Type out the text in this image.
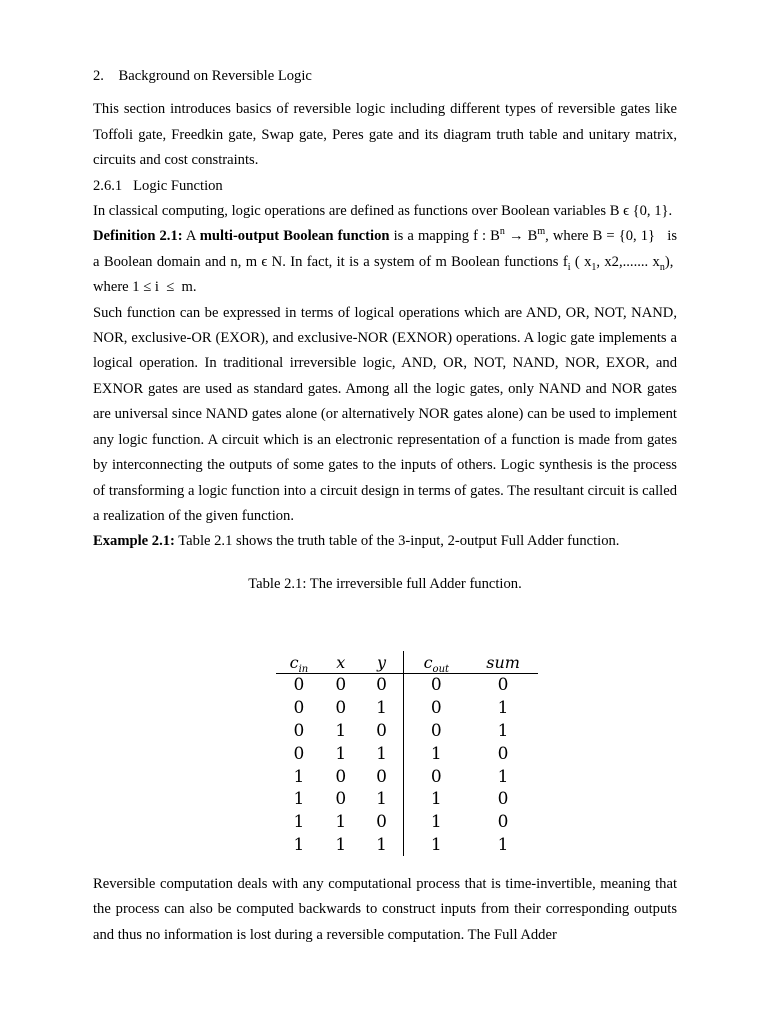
2.    Background on Reversible Logic

This section introduces basics of reversible logic including different types of reversible gates like Toffoli gate, Freedkin gate, Swap gate, Peres gate and its diagram truth table and unitary matrix, circuits and cost constraints.

2.6.1   Logic Function

In classical computing, logic operations are defined as functions over Boolean variables B ϵ {0, 1}.

Definition 2.1: A multi-output Boolean function is a mapping f : $B^n \to B^m$, where B = {0, 1}   is a Boolean domain and n, m ϵ N. In fact, it is a system of m Boolean functions $f_i$ ( $x_1$, x2,....... $x_n$),  where 1 ≤ i  ≤  m.

Such function can be expressed in terms of logical operations which are AND, OR, NOT, NAND, NOR, exclusive-OR (EXOR), and exclusive-NOR (EXNOR) operations. A logic gate implements a logical operation. In traditional irreversible logic, AND, OR, NOT, NAND, NOR, EXOR, and EXNOR gates are used as standard gates. Among all the logic gates, only NAND and NOR gates are universal since NAND gates alone (or alternatively NOR gates alone) can be used to implement any logic function. A circuit which is an electronic representation of a function is made from gates by interconnecting the outputs of some gates to the inputs of others. Logic synthesis is the process of transforming a logic function into a circuit design in terms of gates. The resultant circuit is called a realization of the given function.

Example 2.1: Table 2.1 shows the truth table of the 3-input, 2-output Full Adder function.

Table 2.1: The irreversible full Adder function.

$c_{in}$	x	y	$c_{out}$	sum
0	0	0	0	0
0	0	1	0	1
0	1	0	0	1
0	1	1	1	0
1	0	0	0	1
1	0	1	1	0
1	1	0	1	0
1	1	1	1	1

Reversible computation deals with any computational process that is time-invertible, meaning that the process can also be computed backwards to construct inputs from their corresponding outputs and thus no information is lost during a reversible computation. The Full Adder
